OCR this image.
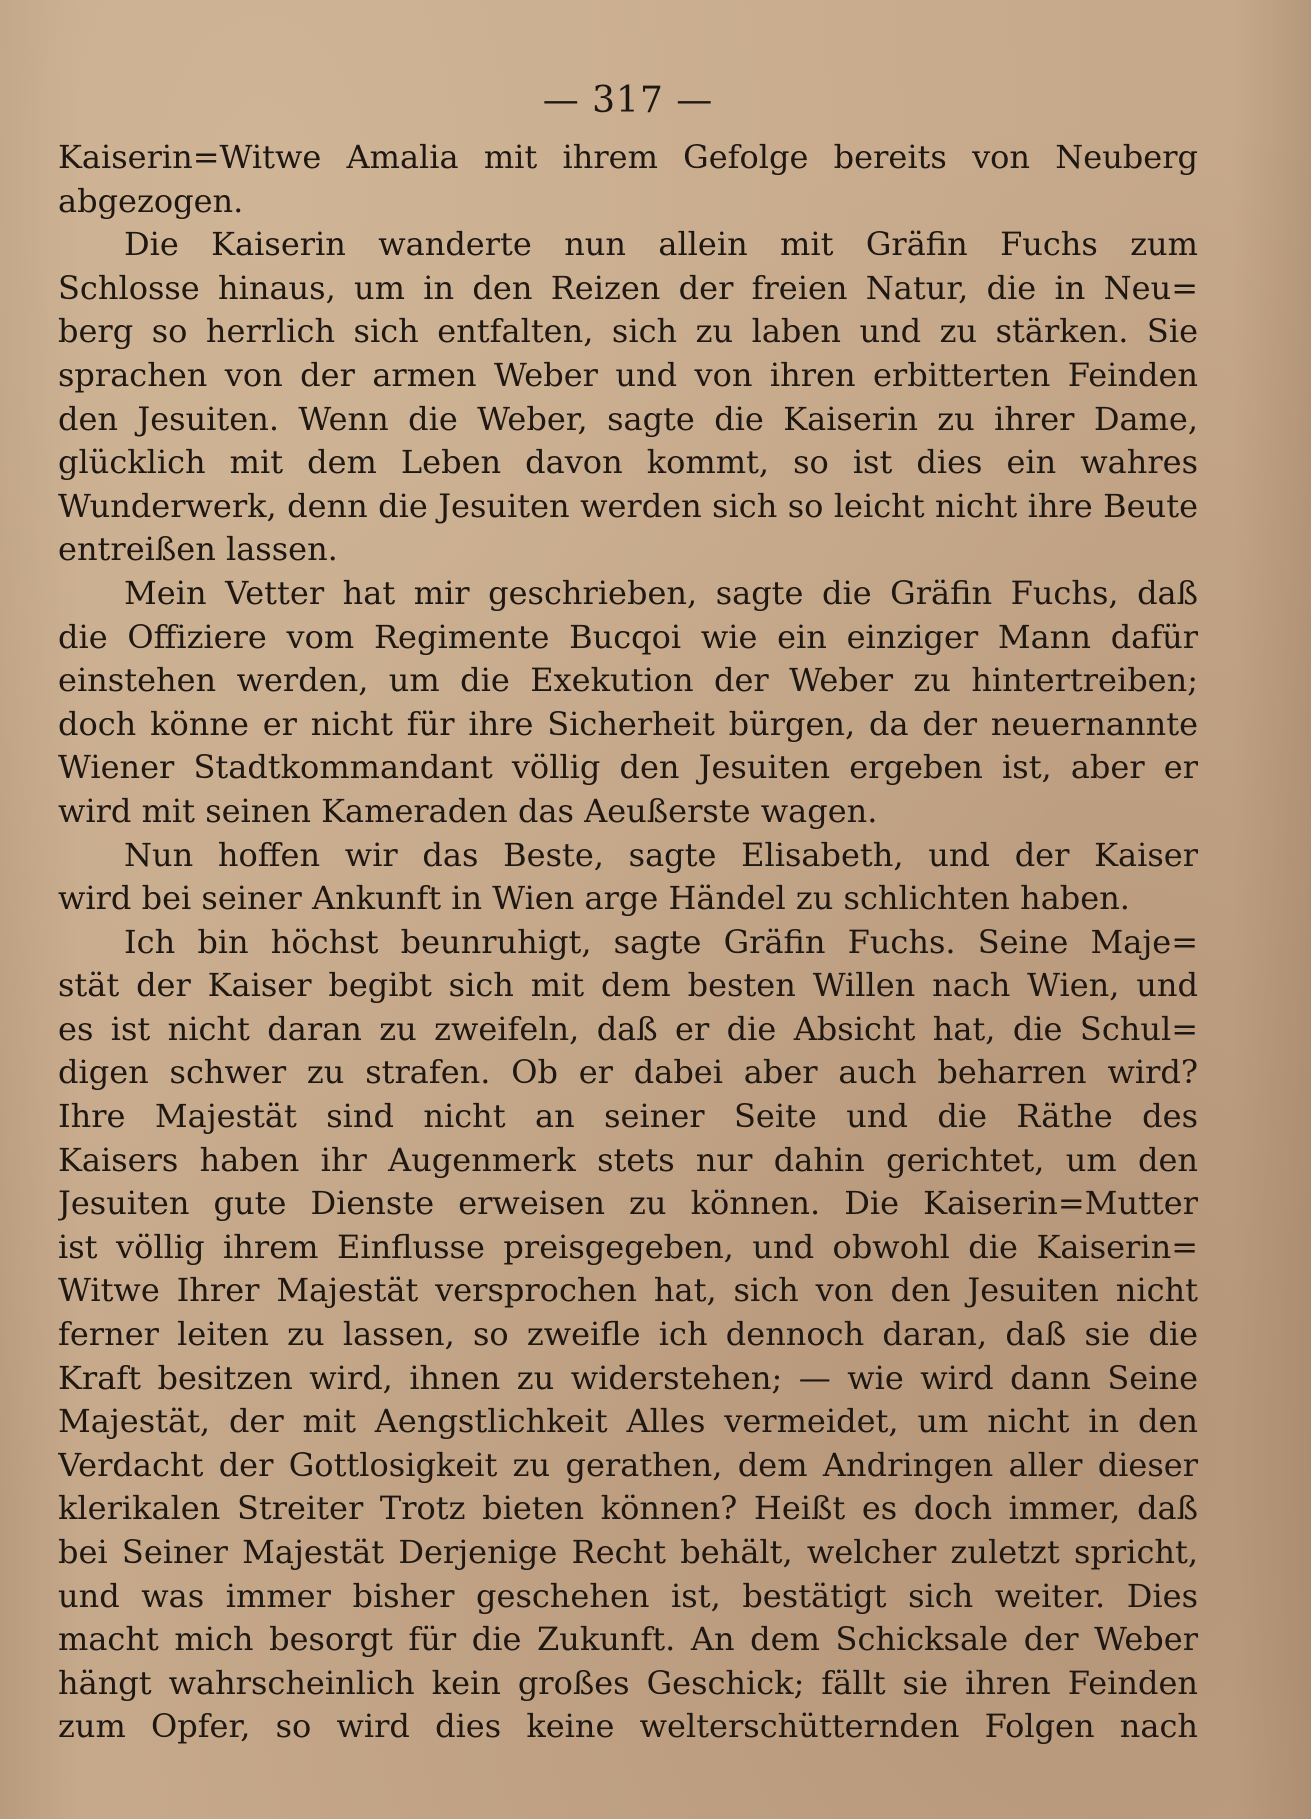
— 317 —
Kaiserin=Witwe Amalia mit ihrem Gefolge bereits von Neuberg
abgezogen.
Die Kaiserin wanderte nun allein mit Gräfin Fuchs zum
Schlosse hinaus, um in den Reizen der freien Natur, die in Neu=
berg so herrlich sich entfalten, sich zu laben und zu stärken. Sie
sprachen von der armen Weber und von ihren erbitterten Feinden
den Jesuiten. Wenn die Weber, sagte die Kaiserin zu ihrer Dame,
glücklich mit dem Leben davon kommt, so ist dies ein wahres
Wunderwerk, denn die Jesuiten werden sich so leicht nicht ihre Beute
entreißen lassen.
Mein Vetter hat mir geschrieben, sagte die Gräfin Fuchs, daß
die Offiziere vom Regimente Bucqoi wie ein einziger Mann dafür
einstehen werden, um die Exekution der Weber zu hintertreiben;
doch könne er nicht für ihre Sicherheit bürgen, da der neuernannte
Wiener Stadtkommandant völlig den Jesuiten ergeben ist, aber er
wird mit seinen Kameraden das Aeußerste wagen.
Nun hoffen wir das Beste, sagte Elisabeth, und der Kaiser
wird bei seiner Ankunft in Wien arge Händel zu schlichten haben.
Ich bin höchst beunruhigt, sagte Gräfin Fuchs. Seine Maje=
stät der Kaiser begibt sich mit dem besten Willen nach Wien, und
es ist nicht daran zu zweifeln, daß er die Absicht hat, die Schul=
digen schwer zu strafen. Ob er dabei aber auch beharren wird?
Ihre Majestät sind nicht an seiner Seite und die Räthe des
Kaisers haben ihr Augenmerk stets nur dahin gerichtet, um den
Jesuiten gute Dienste erweisen zu können. Die Kaiserin=Mutter
ist völlig ihrem Einflusse preisgegeben, und obwohl die Kaiserin=
Witwe Ihrer Majestät versprochen hat, sich von den Jesuiten nicht
ferner leiten zu lassen, so zweifle ich dennoch daran, daß sie die
Kraft besitzen wird, ihnen zu widerstehen; — wie wird dann Seine
Majestät, der mit Aengstlichkeit Alles vermeidet, um nicht in den
Verdacht der Gottlosigkeit zu gerathen, dem Andringen aller dieser
klerikalen Streiter Trotz bieten können? Heißt es doch immer, daß
bei Seiner Majestät Derjenige Recht behält, welcher zuletzt spricht,
und was immer bisher geschehen ist, bestätigt sich weiter. Dies
macht mich besorgt für die Zukunft. An dem Schicksale der Weber
hängt wahrscheinlich kein großes Geschick; fällt sie ihren Feinden
zum Opfer, so wird dies keine welterschütternden Folgen nach
